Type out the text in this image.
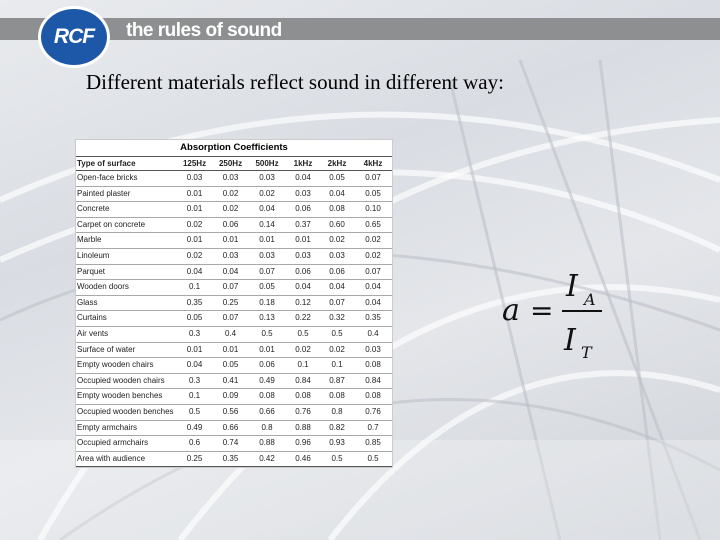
RCF the rules of sound
Different materials reflect sound in different way:
Absorption Coefficients
Type of surface	125Hz	250Hz	500Hz	1kHz	2kHz	4kHz
Open-face bricks	0.03	0.03	0.03	0.04	0.05	0.07
Painted plaster	0.01	0.02	0.02	0.03	0.04	0.05
Concrete	0.01	0.02	0.04	0.06	0.08	0.10
Carpet on concrete	0.02	0.06	0.14	0.37	0.60	0.65
Marble	0.01	0.01	0.01	0.01	0.02	0.02
Linoleum	0.02	0.03	0.03	0.03	0.03	0.02
Parquet	0.04	0.04	0.07	0.06	0.06	0.07
Wooden doors	0.1	0.07	0.05	0.04	0.04	0.04
Glass	0.35	0.25	0.18	0.12	0.07	0.04
Curtains	0.05	0.07	0.13	0.22	0.32	0.35
Air vents	0.3	0.4	0.5	0.5	0.5	0.4
Surface of water	0.01	0.01	0.01	0.02	0.02	0.03
Empty wooden chairs	0.04	0.05	0.06	0.1	0.1	0.08
Occupied wooden chairs	0.3	0.41	0.49	0.84	0.87	0.84
Empty wooden benches	0.1	0.09	0.08	0.08	0.08	0.08
Occupied wooden benches	0.5	0.56	0.66	0.76	0.8	0.76
Empty armchairs	0.49	0.66	0.8	0.88	0.82	0.7
Occupied armchairs	0.6	0.74	0.88	0.96	0.93	0.85
Area with audience	0.25	0.35	0.42	0.46	0.5	0.5
a =
I A
I T
